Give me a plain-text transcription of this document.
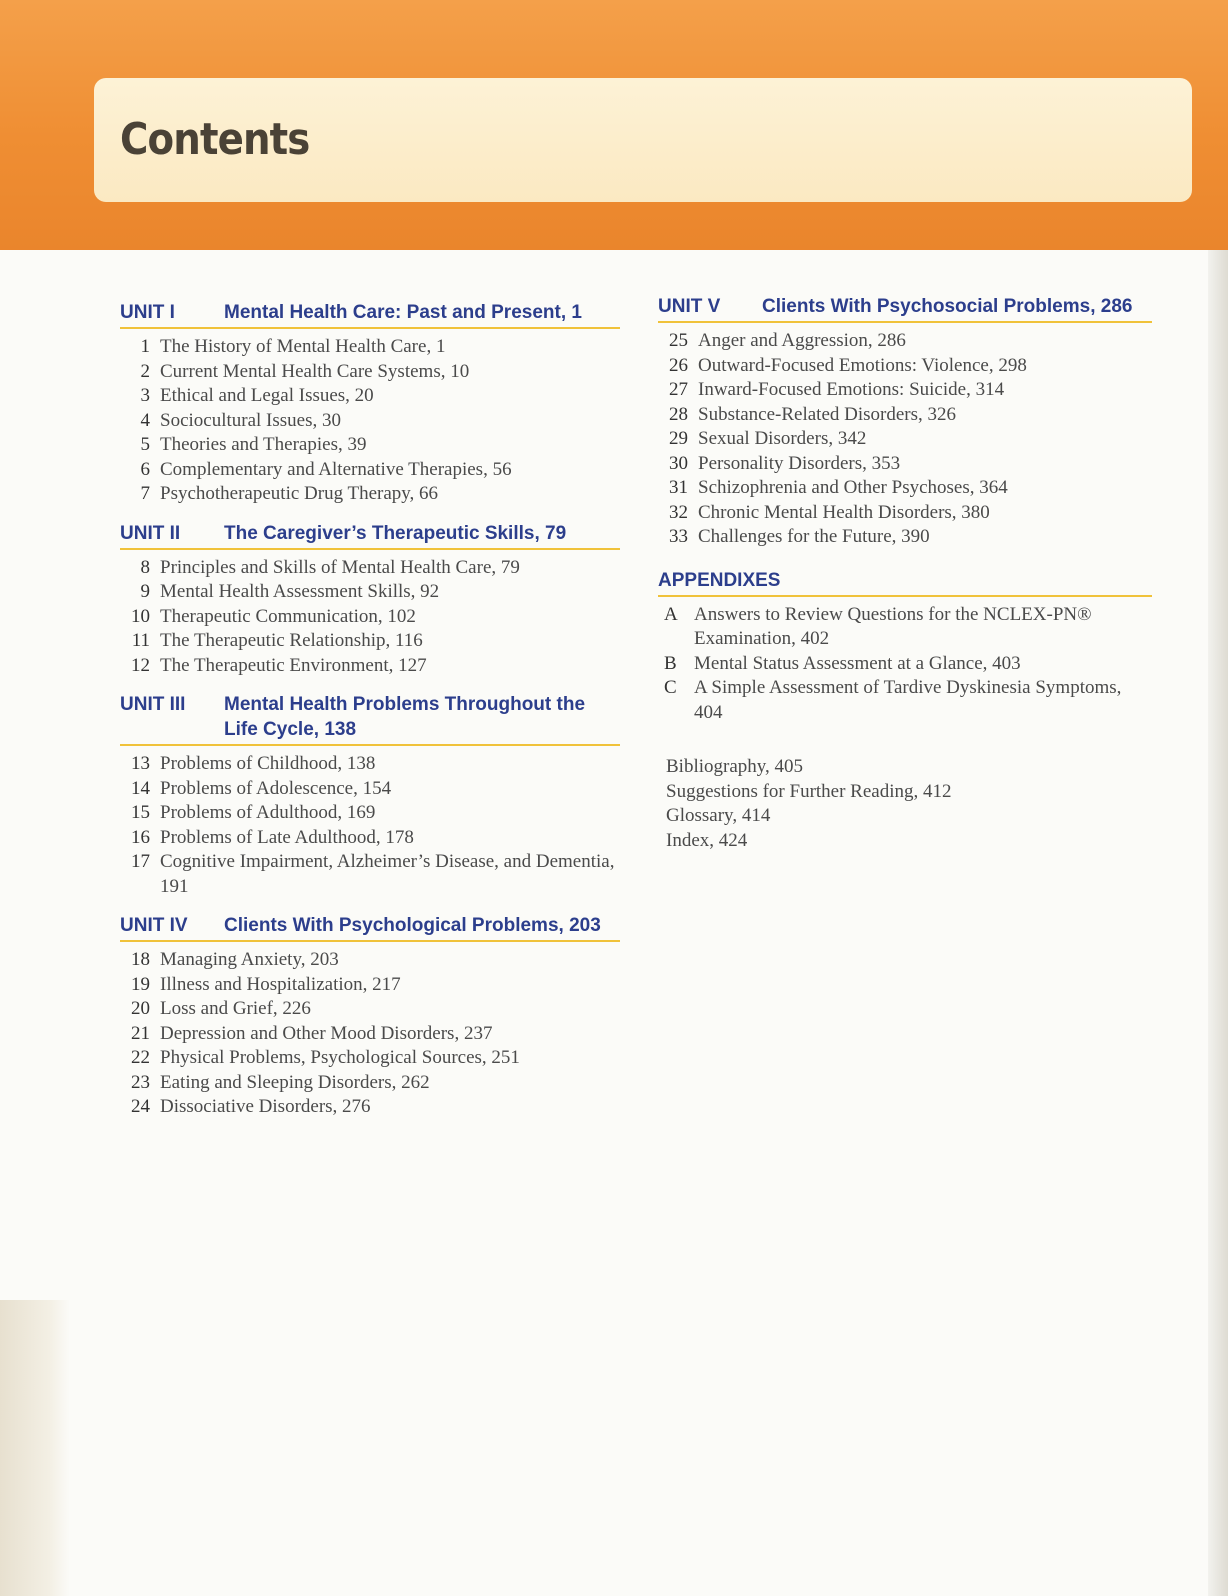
Contents
UNIT I	Mental Health Care: Past and Present, 1
1 The History of Mental Health Care, 1
2 Current Mental Health Care Systems, 10
3 Ethical and Legal Issues, 20
4 Sociocultural Issues, 30
5 Theories and Therapies, 39
6 Complementary and Alternative Therapies, 56
7 Psychotherapeutic Drug Therapy, 66
UNIT II	The Caregiver’s Therapeutic Skills, 79
8 Principles and Skills of Mental Health Care, 79
9 Mental Health Assessment Skills, 92
10 Therapeutic Communication, 102
11 The Therapeutic Relationship, 116
12 The Therapeutic Environment, 127
UNIT III	Mental Health Problems Throughout the Life Cycle, 138
13 Problems of Childhood, 138
14 Problems of Adolescence, 154
15 Problems of Adulthood, 169
16 Problems of Late Adulthood, 178
17 Cognitive Impairment, Alzheimer’s Disease, and Dementia, 191
UNIT IV	Clients With Psychological Problems, 203
18 Managing Anxiety, 203
19 Illness and Hospitalization, 217
20 Loss and Grief, 226
21 Depression and Other Mood Disorders, 237
22 Physical Problems, Psychological Sources, 251
23 Eating and Sleeping Disorders, 262
24 Dissociative Disorders, 276
UNIT V	Clients With Psychosocial Problems, 286
25 Anger and Aggression, 286
26 Outward-Focused Emotions: Violence, 298
27 Inward-Focused Emotions: Suicide, 314
28 Substance-Related Disorders, 326
29 Sexual Disorders, 342
30 Personality Disorders, 353
31 Schizophrenia and Other Psychoses, 364
32 Chronic Mental Health Disorders, 380
33 Challenges for the Future, 390
APPENDIXES
A Answers to Review Questions for the NCLEX-PN® Examination, 402
B Mental Status Assessment at a Glance, 403
C A Simple Assessment of Tardive Dyskinesia Symptoms, 404
Bibliography, 405
Suggestions for Further Reading, 412
Glossary, 414
Index, 424
